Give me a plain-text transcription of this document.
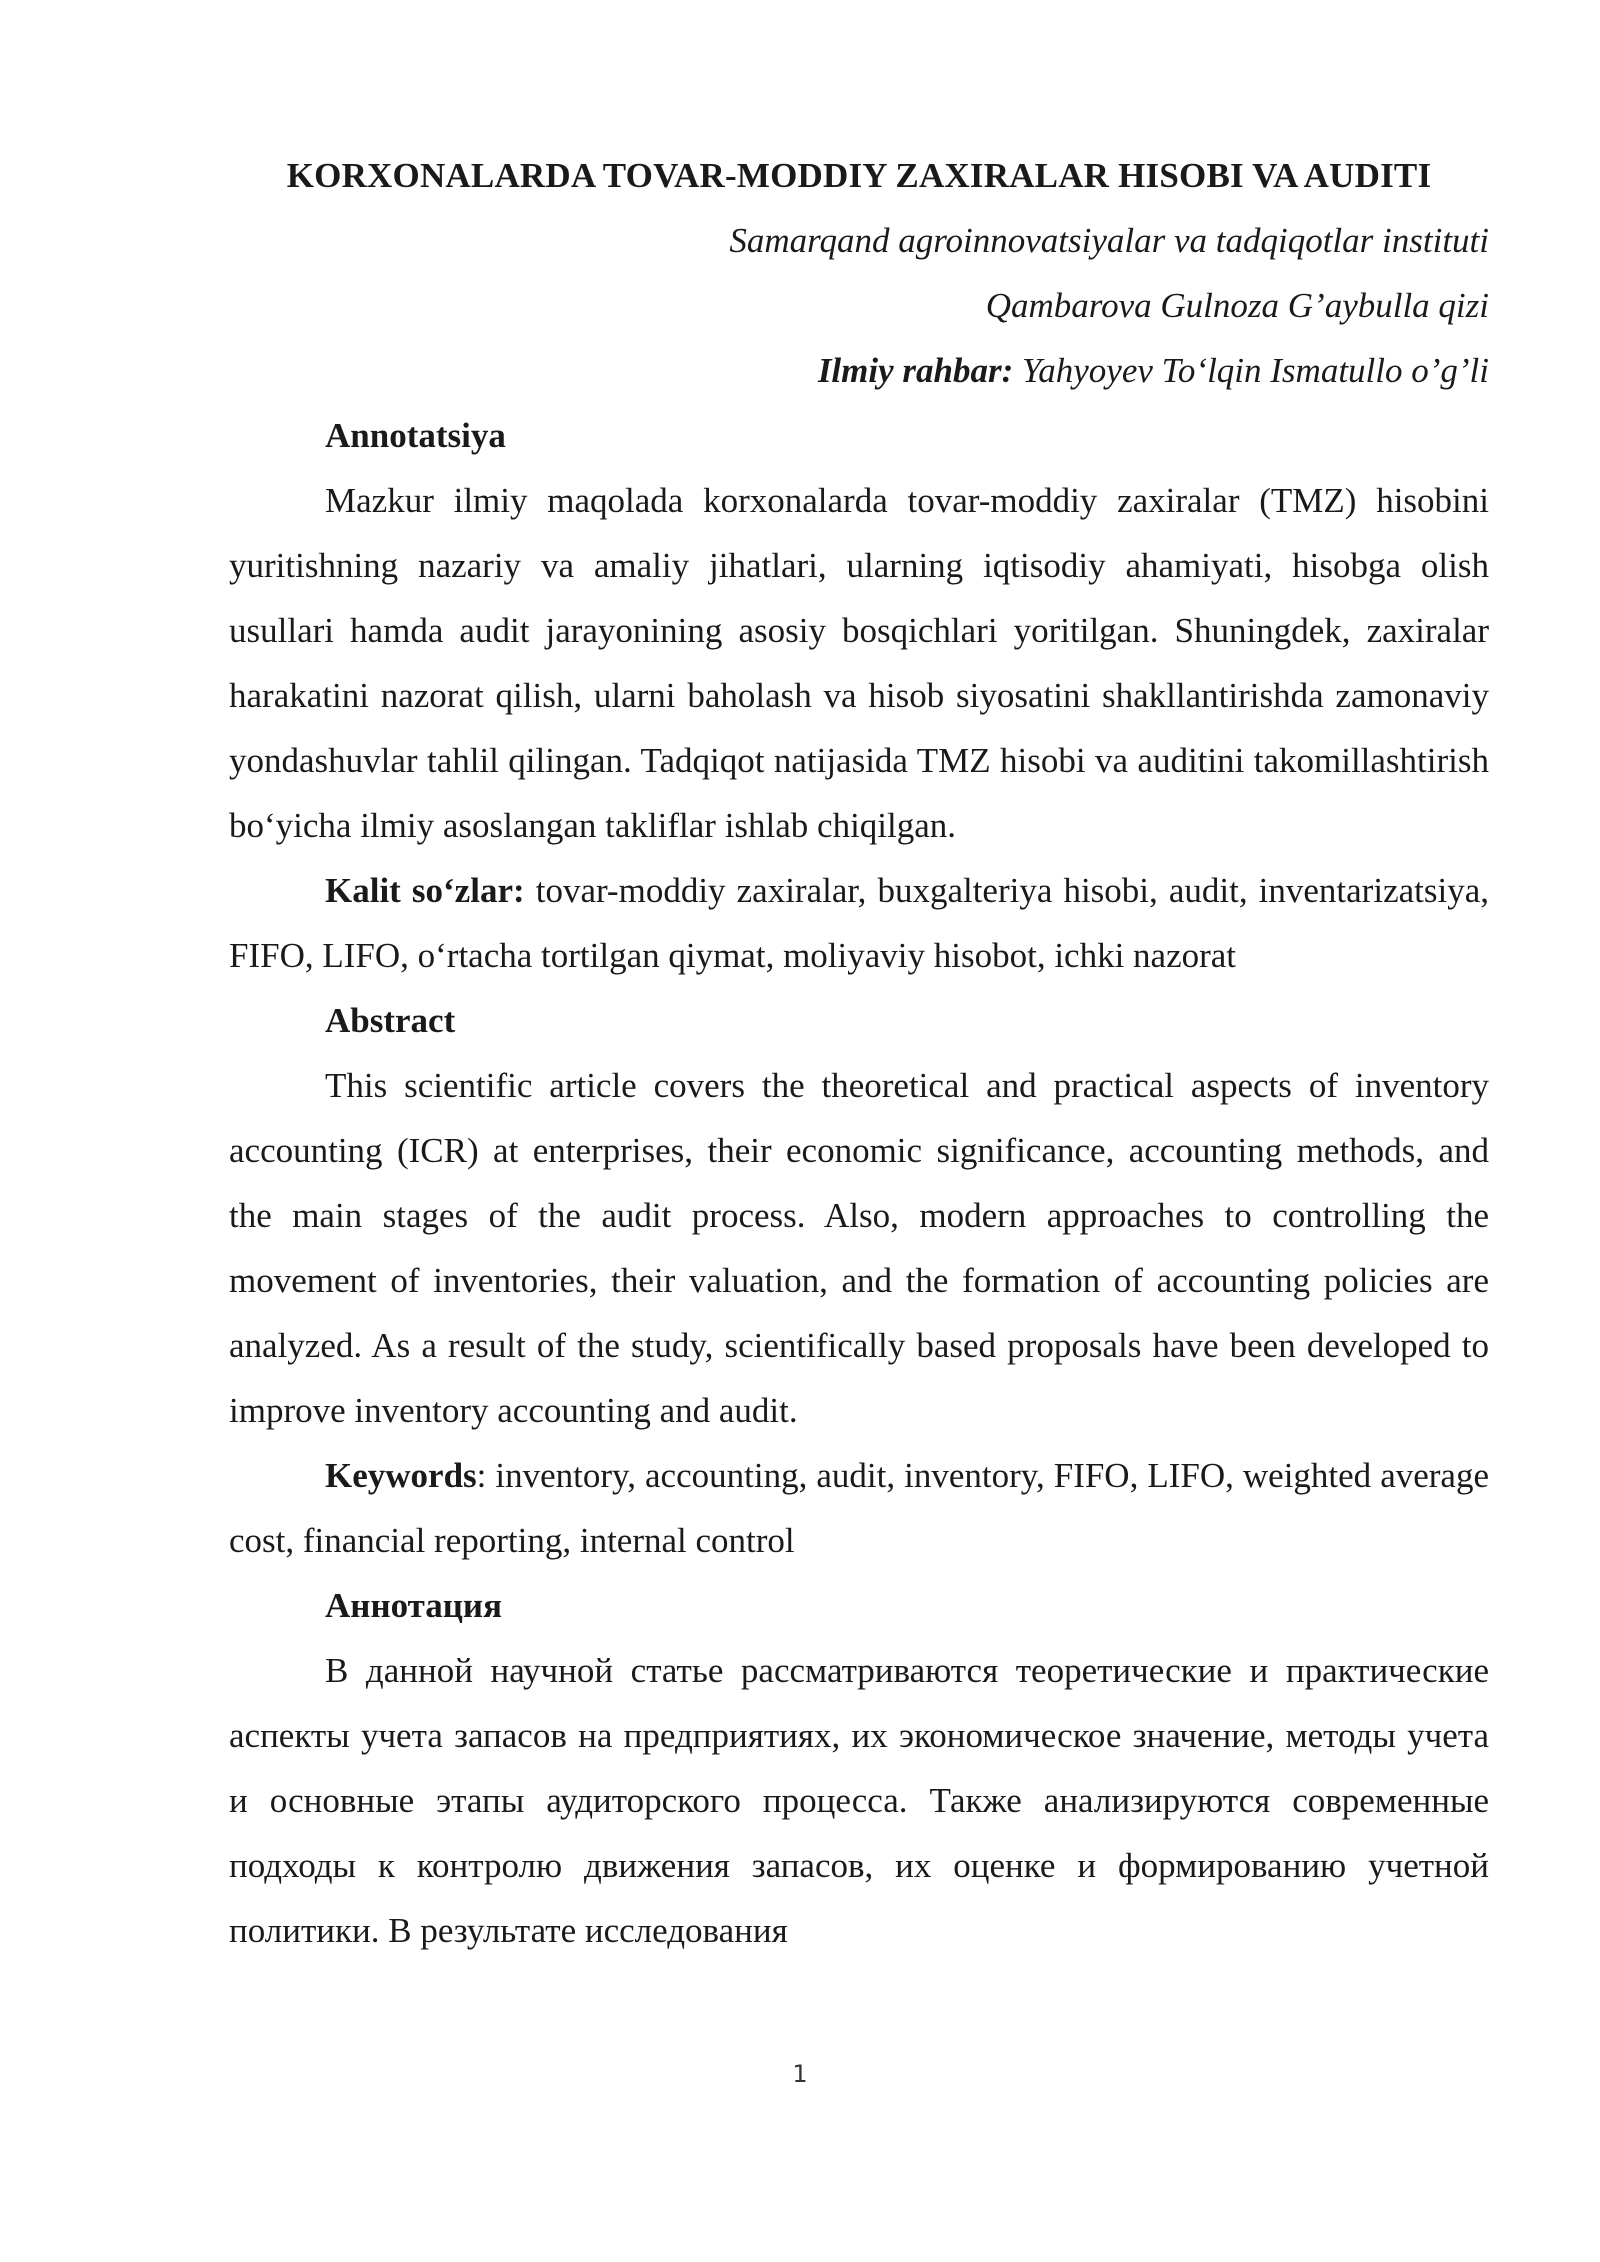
KORXONALARDA TOVAR-MODDIY ZAXIRALAR HISOBI VA AUDITI

Samarqand agroinnovatsiyalar va tadqiqotlar instituti

Qambarova Gulnoza G’aybulla qizi

Ilmiy rahbar: Yahyoyev To‘lqin Ismatullo o’g’li

Annotatsiya

Mazkur ilmiy maqolada korxonalarda tovar-moddiy zaxiralar (TMZ) hisobini yuritishning nazariy va amaliy jihatlari, ularning iqtisodiy ahamiyati, hisobga olish usullari hamda audit jarayonining asosiy bosqichlari yoritilgan. Shuningdek, zaxiralar harakatini nazorat qilish, ularni baholash va hisob siyosatini shakllantirishda zamonaviy yondashuvlar tahlil qilingan. Tadqiqot natijasida TMZ hisobi va auditini takomillashtirish bo‘yicha ilmiy asoslangan takliflar ishlab chiqilgan.

Kalit so‘zlar: tovar-moddiy zaxiralar, buxgalteriya hisobi, audit, inventarizatsiya, FIFO, LIFO, o‘rtacha tortilgan qiymat, moliyaviy hisobot, ichki nazorat

Abstract

This scientific article covers the theoretical and practical aspects of inventory accounting (ICR) at enterprises, their economic significance, accounting methods, and the main stages of the audit process. Also, modern approaches to controlling the movement of inventories, their valuation, and the formation of accounting policies are analyzed. As a result of the study, scientifically based proposals have been developed to improve inventory accounting and audit.

Keywords: inventory, accounting, audit, inventory, FIFO, LIFO, weighted average cost, financial reporting, internal control

Аннотация

В данной научной статье рассматриваются теоретические и практические аспекты учета запасов на предприятиях, их экономическое значение, методы учета и основные этапы аудиторского процесса. Также анализируются современные подходы к контролю движения запасов, их оценке и формированию учетной политики. В результате исследования

1
